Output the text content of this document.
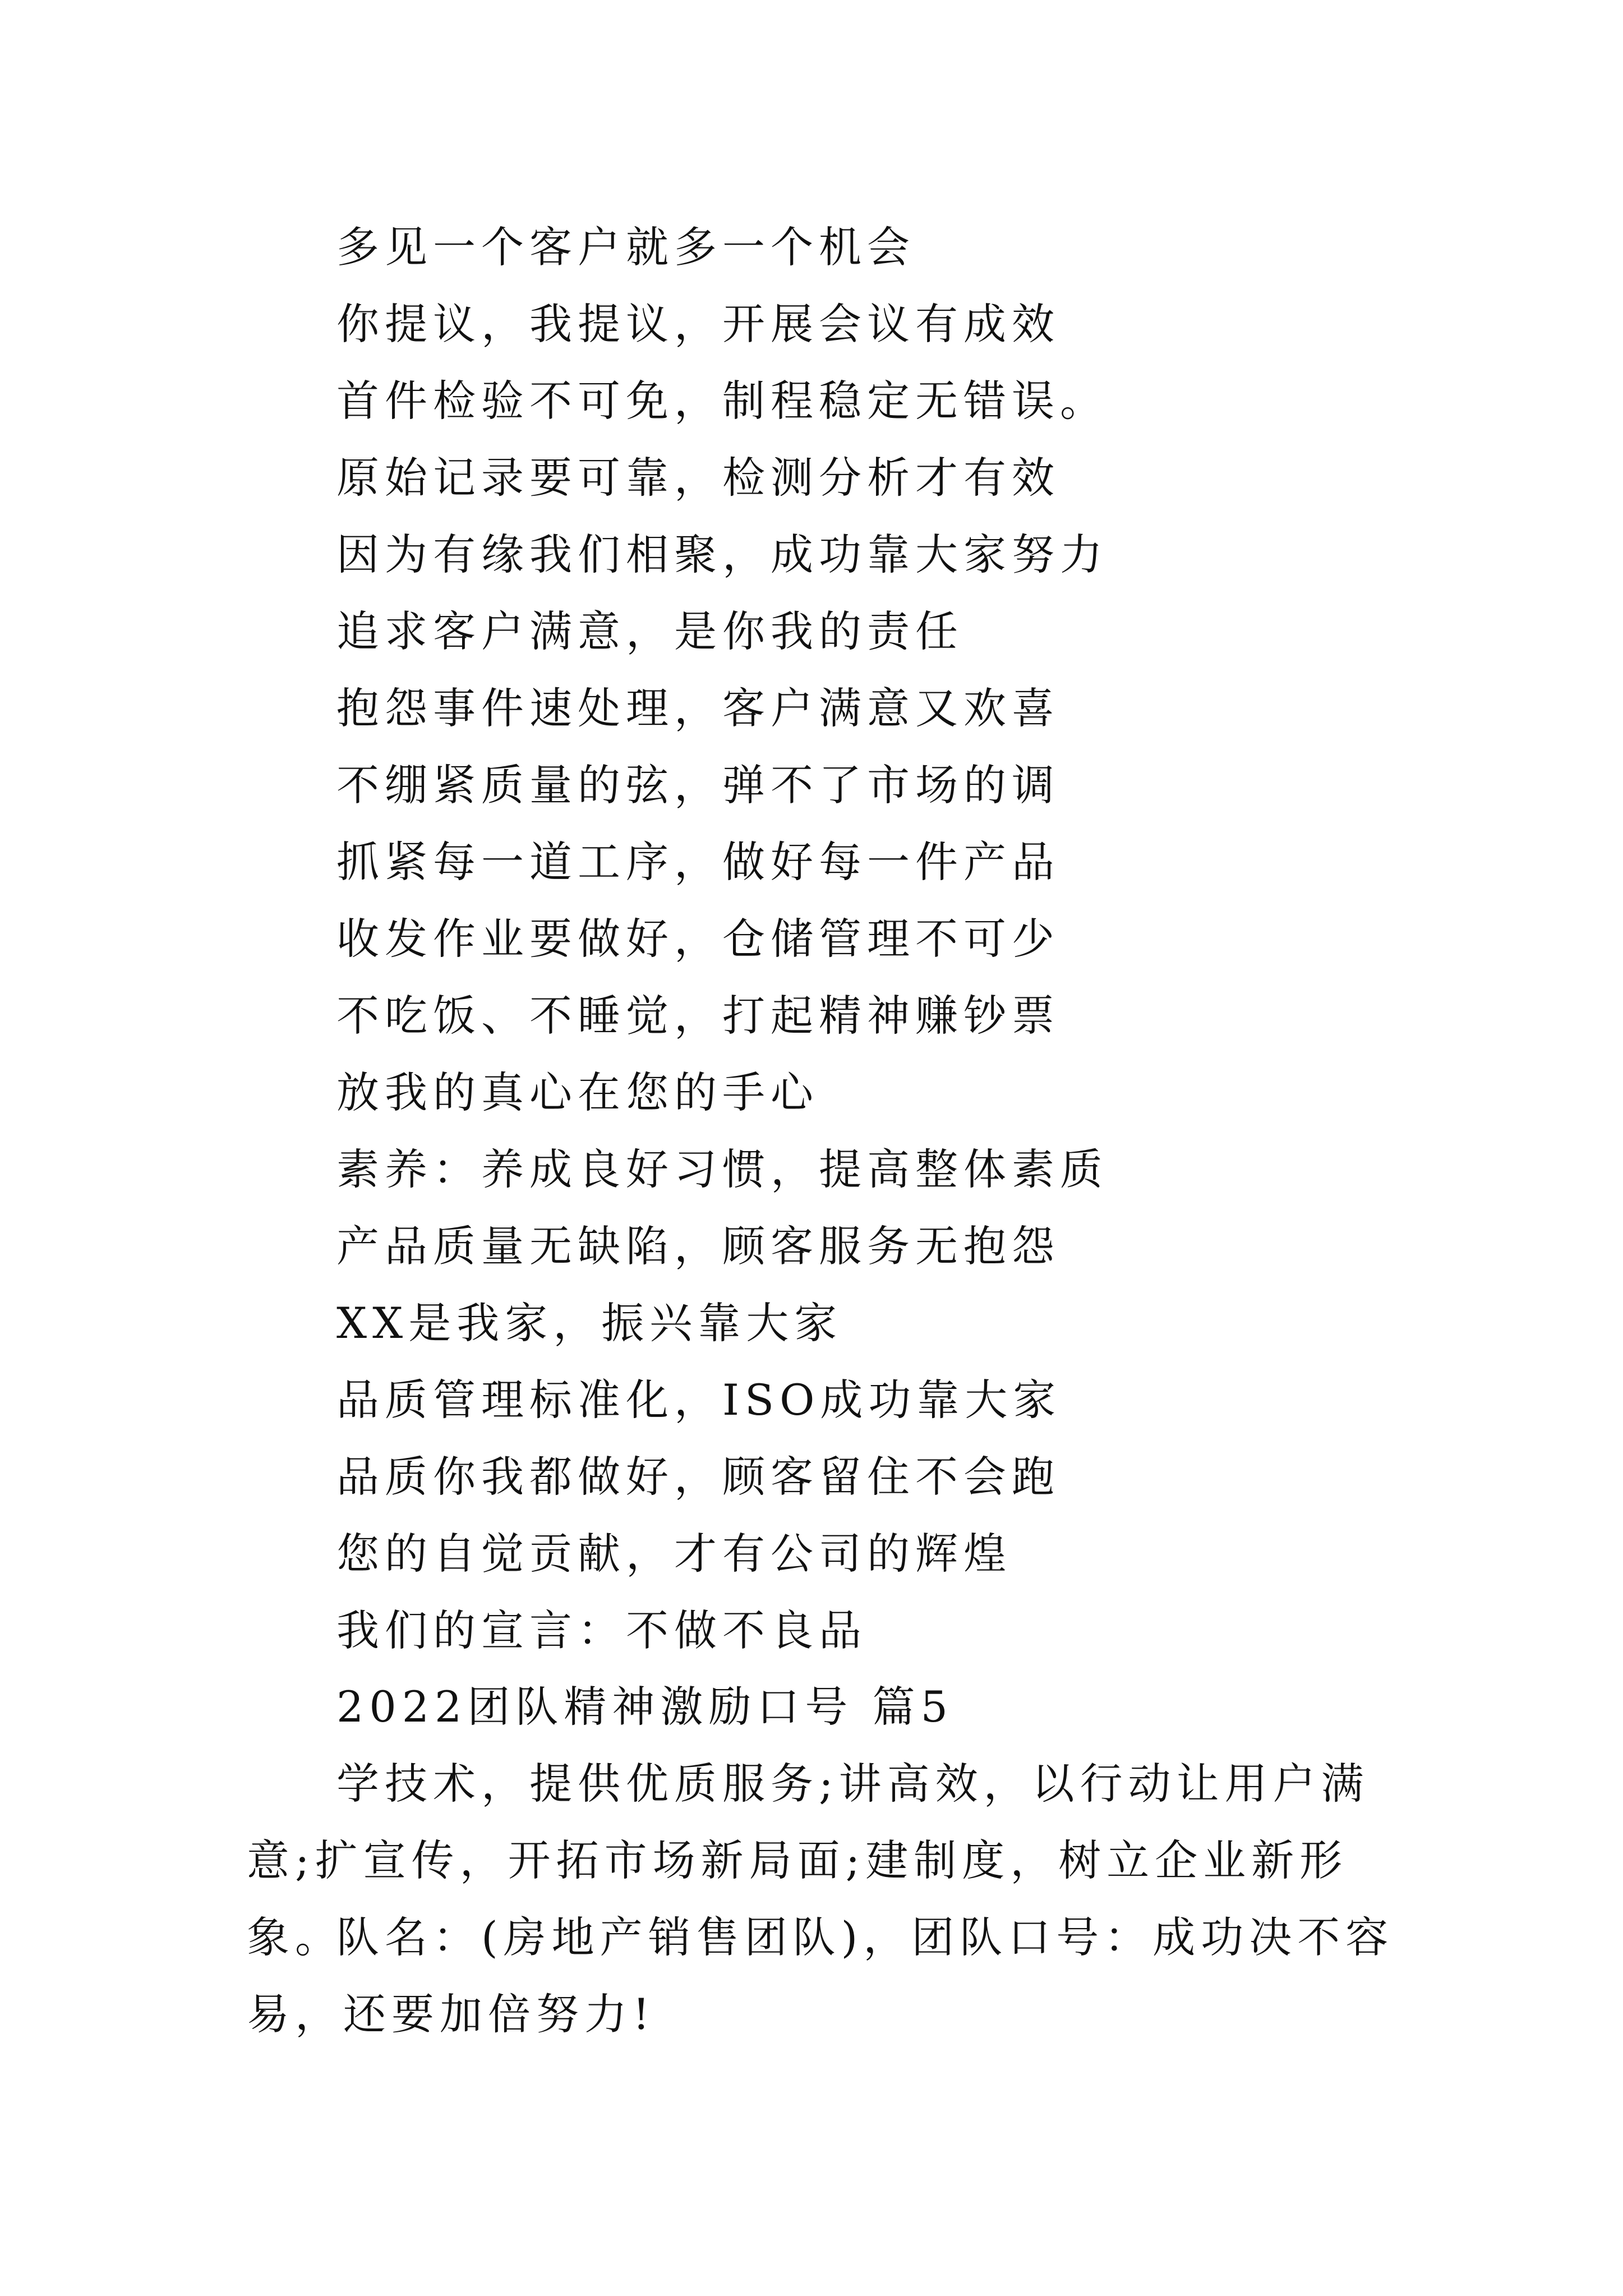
多见一个客户就多一个机会
你提议，我提议，开展会议有成效
首件检验不可免，制程稳定无错误。
原始记录要可靠，检测分析才有效
因为有缘我们相聚，成功靠大家努力
追求客户满意，是你我的责任
抱怨事件速处理，客户满意又欢喜
不绷紧质量的弦，弹不了市场的调
抓紧每一道工序，做好每一件产品
收发作业要做好，仓储管理不可少
不吃饭、不睡觉，打起精神赚钞票
放我的真心在您的手心
素养：养成良好习惯，提高整体素质
产品质量无缺陷，顾客服务无抱怨
XX是我家，振兴靠大家
品质管理标准化，ISO成功靠大家
品质你我都做好，顾客留住不会跑
您的自觉贡献，才有公司的辉煌
我们的宣言：不做不良品
2022团队精神激励口号 篇5

学技术，提供优质服务;讲高效，以行动让用户满意;扩宣传，开拓市场新局面;建制度，树立企业新形象。

队名：(房地产销售团队)，团队口号：成功决不容易，还要加倍努力!
